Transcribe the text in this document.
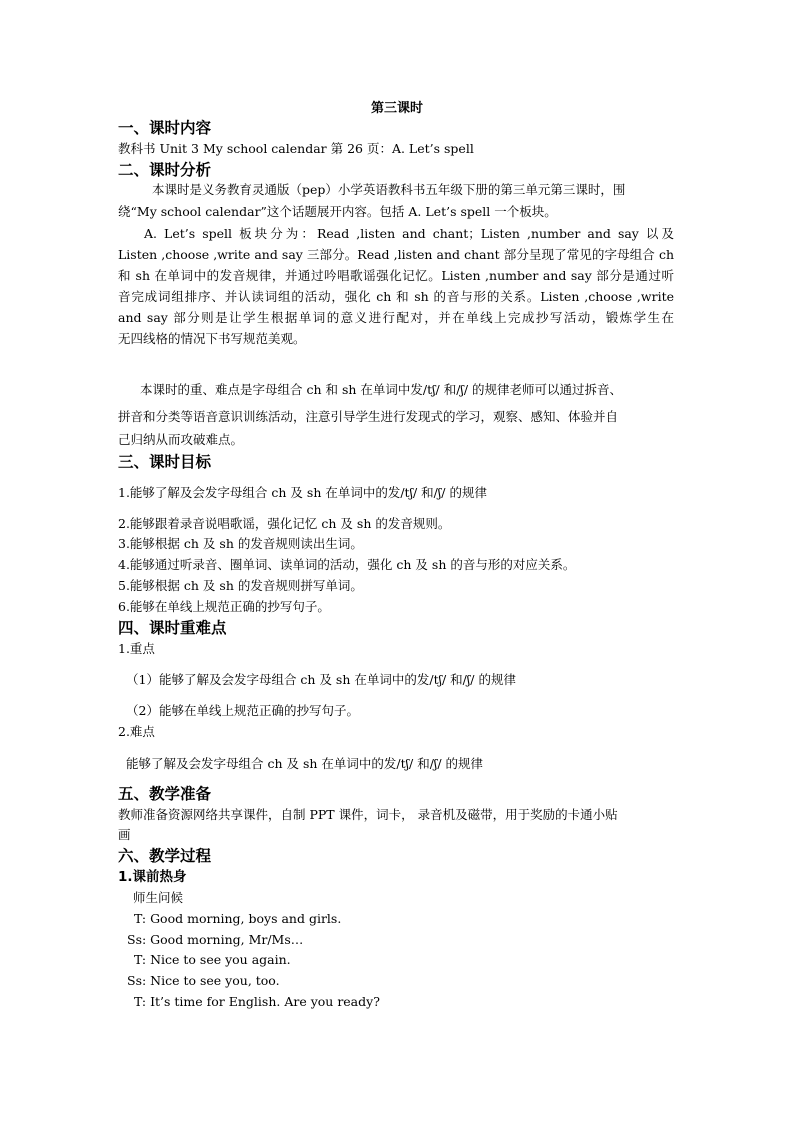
第三课时
一、课时内容
教科书 Unit 3 My school calendar 第 26 页：A. Let’s spell
二、课时分析
本课时是义务教育灵通版（pep）小学英语教科书五年级下册的第三单元第三课时，围
绕“My school calendar”这个话题展开内容。包括 A. Let’s spell 一个板块。
A. Let’s spell 板块分为：Read ,listen and chant；Listen ,number and say 以及
Listen ,choose ,write and say 三部分。Read ,listen and chant 部分呈现了常见的字母组合 ch
和 sh 在单词中的发音规律，并通过吟唱歌谣强化记忆。Listen ,number and say 部分是通过听
音完成词组排序、并认读词组的活动，强化 ch 和 sh 的音与形的关系。Listen ,choose ,write
and say 部分则是让学生根据单词的意义进行配对，并在单线上完成抄写活动，锻炼学生在
无四线格的情况下书写规范美观。
本课时的重、难点是字母组合 ch 和 sh 在单词中发/tʃ/ 和/ʃ/ 的规律老师可以通过拆音、
拼音和分类等语音意识训练活动，注意引导学生进行发现式的学习，观察、感知、体验并自
己归纳从而攻破难点。
三、课时目标
1.能够了解及会发字母组合 ch 及 sh 在单词中的发/tʃ/ 和/ʃ/ 的规律
2.能够跟着录音说唱歌谣，强化记忆 ch 及 sh 的发音规则。
3.能够根据 ch 及 sh 的发音规则读出生词。
4.能够通过听录音、圈单词、读单词的活动，强化 ch 及 sh 的音与形的对应关系。
5.能够根据 ch 及 sh 的发音规则拼写单词。
6.能够在单线上规范正确的抄写句子。
四、课时重难点
1.重点
（1）能够了解及会发字母组合 ch 及 sh 在单词中的发/tʃ/ 和/ʃ/ 的规律
（2）能够在单线上规范正确的抄写句子。
2.难点
能够了解及会发字母组合 ch 及 sh 在单词中的发/tʃ/ 和/ʃ/ 的规律
五、教学准备
教师准备资源网络共享课件，自制 PPT 课件，词卡， 录音机及磁带，用于奖励的卡通小贴
画
六、教学过程
1.课前热身
师生问候
T: Good morning, boys and girls.
Ss: Good morning, Mr/Ms…
T: Nice to see you again.
Ss: Nice to see you, too.
T: It’s time for English. Are you ready?
